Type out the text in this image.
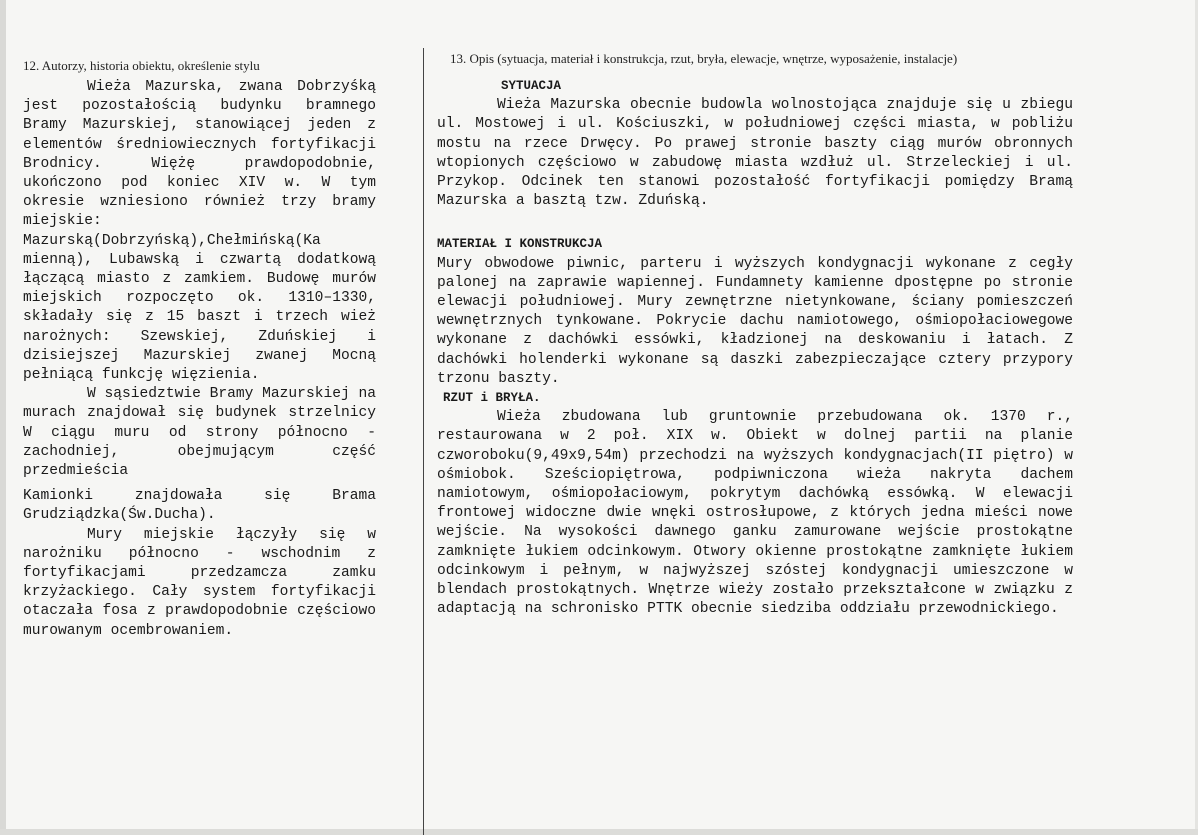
12. Autorzy, historia obiektu, określenie stylu	13. Opis (sytuacja, materiał i konstrukcja, rzut, bryła, elewacje, wnętrze, wyposażenie, instalacje)

Wieża Mazurska, zwana Dobrzyśką jest pozostałością budynku bramnego Bramy Mazurskiej, stanowiącej jeden z elementów średniowiecznych fortyfikacji Brodnicy. Więżę prawdopodobnie, ukończono pod koniec XIV w. W tym okresie wzniesiono również trzy bramy miejskie: Mazurską(Dobrzyńską),Chełmińską(Ka mienną), Lubawską i czwartą dodatkową łączącą miasto z zamkiem. Budowę murów miejskich rozpoczęto ok. 1310–1330, składały się z 15 baszt i trzech wież narożnych: Szewskiej, Zduńskiej i dzisiejszej Mazurskiej zwanej Mocną pełniącą funkcję więzienia.

W sąsiedztwie Bramy Mazurskiej na murach znajdował się budynek strzelnicy W ciągu muru od strony północno - zachodniej, obejmującym część przedmieścia

Kamionki znajdowała się Brama Grudziądzka(Św.Ducha).

Mury miejskie łączyły się w narożniku północno - wschodnim z fortyfikacjami przedzamcza zamku krzyżackiego. Cały system fortyfikacji otaczała fosa z prawdopodobnie częściowo murowanym ocembrowaniem.

SYTUACJA

Wieża Mazurska obecnie budowla wolnostojąca znajduje się u zbiegu ul. Mostowej i ul. Kościuszki, w południowej części miasta, w pobliżu mostu na rzece Drwęcy. Po prawej stronie baszty ciąg murów obronnych wtopionych częściowo w zabudowę miasta wzdłuż ul. Strzeleckiej i ul. Przykop. Odcinek ten stanowi pozostałość fortyfikacji pomiędzy Bramą Mazurska a basztą tzw. Zduńską.

MATERIAŁ I KONSTRUKCJA

Mury obwodowe piwnic, parteru i wyższych kondygnacji wykonane z cegły palonej na zaprawie wapiennej. Fundamnety kamienne dpostępne po stronie elewacji południowej. Mury zewnętrzne nietynkowane, ściany pomieszczeń wewnętrznych tynkowane. Pokrycie dachu namiotowego, ośmiopołaciowegowe wykonane z dachówki essówki, kładzionej na deskowaniu i łatach. Z dachówki holenderki wykonane są daszki zabezpieczające cztery przypory trzonu baszty.

RZUT i BRYŁA.

Wieża zbudowana lub gruntownie przebudowana ok. 1370 r., restaurowana w 2 poł. XIX w. Obiekt w dolnej partii na planie czworoboku(9,49x9,54m) przechodzi na wyższych kondygnacjach(II piętro) w ośmiobok. Sześciopiętrowa, podpiwniczona wieża nakryta dachem namiotowym, ośmiopołaciowym, pokrytym dachówką essówką. W elewacji frontowej widoczne dwie wnęki ostrosłupowe, z których jedna mieści nowe wejście. Na wysokości dawnego ganku zamurowane wejście prostokątne zamknięte łukiem odcinkowym. Otwory okienne prostokątne zamknięte łukiem odcinkowym i pełnym, w najwyższej szóstej kondygnacji umieszczone w blendach prostokątnych. Wnętrze wieży zostało przekształcone w związku z adaptacją na schronisko PTTK obecnie siedziba oddziału przewodnickiego.
